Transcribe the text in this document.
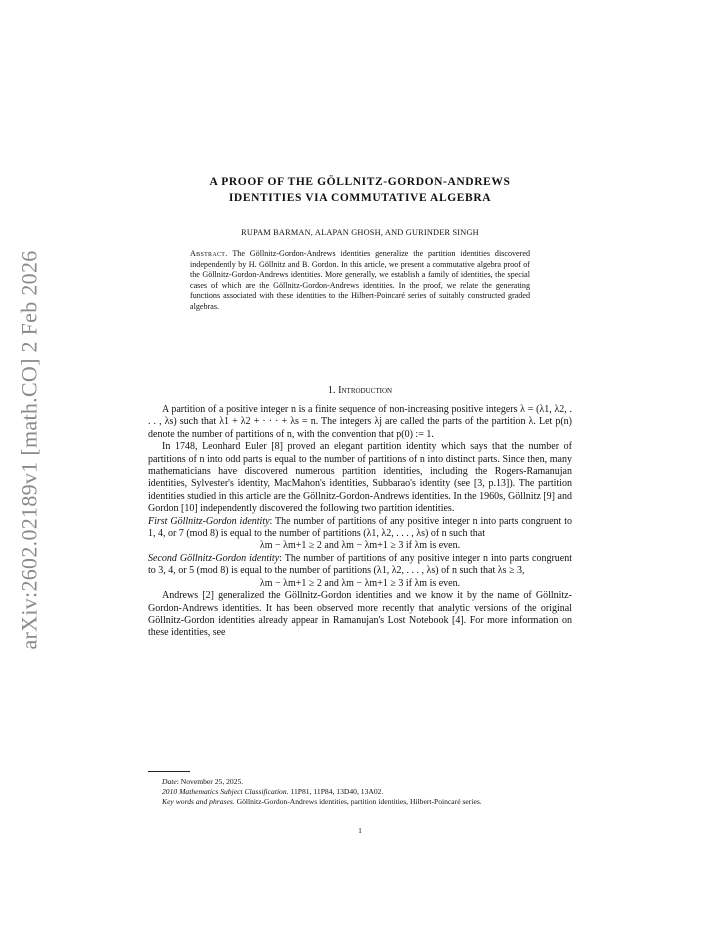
arXiv:2602.02189v1 [math.CO] 2 Feb 2026
A PROOF OF THE GÖLLNITZ-GORDON-ANDREWS
IDENTITIES VIA COMMUTATIVE ALGEBRA
RUPAM BARMAN, ALAPAN GHOSH, AND GURINDER SINGH
Abstract. The Göllnitz-Gordon-Andrews identities generalize the partition identities discovered independently by H. Göllnitz and B. Gordon. In this article, we present a commutative algebra proof of the Göllnitz-Gordon-Andrews identities. More generally, we establish a family of identities, the special cases of which are the Göllnitz-Gordon-Andrews identities. In the proof, we relate the generating functions associated with these identities to the Hilbert-Poincaré series of suitably constructed graded algebras.
1. Introduction

A partition of a positive integer n is a finite sequence of non-increasing positive integers λ = (λ1, λ2, . . . , λs) such that λ1 + λ2 + · · · + λs = n. The integers λj are called the parts of the partition λ. Let p(n) denote the number of partitions of n, with the convention that p(0) := 1.

In 1748, Leonhard Euler [8] proved an elegant partition identity which says that the number of partitions of n into odd parts is equal to the number of partitions of n into distinct parts. Since then, many mathematicians have discovered numerous partition identities, including the Rogers-Ramanujan identities, Sylvester's identity, MacMahon's identities, Subbarao's identity (see [3, p.13]). The partition identities studied in this article are the Göllnitz-Gordon-Andrews identities. In the 1960s, Göllnitz [9] and Gordon [10] independently discovered the following two partition identities.

First Göllnitz-Gordon identity: The number of partitions of any positive integer n into parts congruent to 1, 4, or 7 (mod 8) is equal to the number of partitions (λ1, λ2, . . . , λs) of n such that

λm − λm+1 ≥ 2 and λm − λm+1 ≥ 3 if λm is even.

Second Göllnitz-Gordon identity: The number of partitions of any positive integer n into parts congruent to 3, 4, or 5 (mod 8) is equal to the number of partitions (λ1, λ2, . . . , λs) of n such that λs ≥ 3,

λm − λm+1 ≥ 2 and λm − λm+1 ≥ 3 if λm is even.

Andrews [2] generalized the Göllnitz-Gordon identities and we know it by the name of Göllnitz-Gordon-Andrews identities. It has been observed more recently that analytic versions of the original Göllnitz-Gordon identities already appear in Ramanujan's Lost Notebook [4]. For more information on these identities, see

Date: November 25, 2025.

2010 Mathematics Subject Classification. 11P81, 11P84, 13D40, 13A02.

Key words and phrases. Göllnitz-Gordon-Andrews identities, partition identities, Hilbert-Poincaré series.

1
